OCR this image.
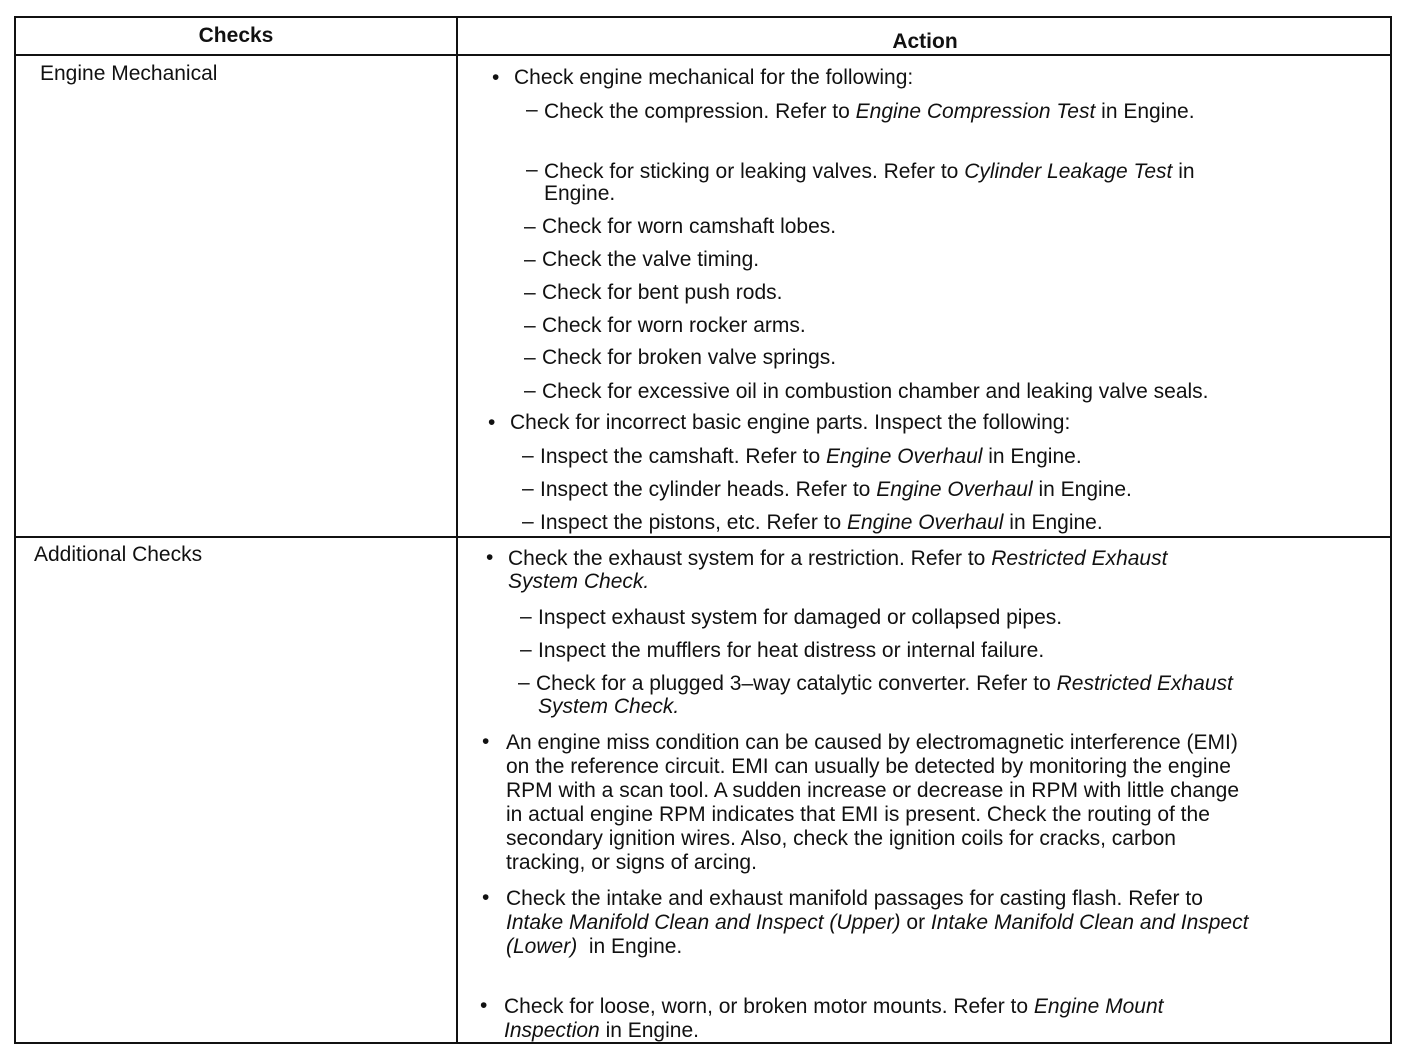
Checks	Action
Engine Mechanical	• Check engine mechanical for the following:
– Check the compression. Refer to Engine Compression Test in Engine.
– Check for sticking or leaking valves. Refer to Cylinder Leakage Test in
Engine.
– Check for worn camshaft lobes.
– Check the valve timing.
– Check for bent push rods.
– Check for worn rocker arms.
– Check for broken valve springs.
– Check for excessive oil in combustion chamber and leaking valve seals.
• Check for incorrect basic engine parts. Inspect the following:
– Inspect the camshaft. Refer to Engine Overhaul in Engine.
– Inspect the cylinder heads. Refer to Engine Overhaul in Engine.
– Inspect the pistons, etc. Refer to Engine Overhaul in Engine.
Additional Checks	• Check the exhaust system for a restriction. Refer to Restricted Exhaust
System Check.
– Inspect exhaust system for damaged or collapsed pipes.
– Inspect the mufflers for heat distress or internal failure.
– Check for a plugged 3–way catalytic converter. Refer to Restricted Exhaust
System Check.
• An engine miss condition can be caused by electromagnetic interference (EMI)
on the reference circuit. EMI can usually be detected by monitoring the engine
RPM with a scan tool. A sudden increase or decrease in RPM with little change
in actual engine RPM indicates that EMI is present. Check the routing of the
secondary ignition wires. Also, check the ignition coils for cracks, carbon
tracking, or signs of arcing.
• Check the intake and exhaust manifold passages for casting flash. Refer to
Intake Manifold Clean and Inspect (Upper) or Intake Manifold Clean and Inspect
(Lower)  in Engine.
• Check for loose, worn, or broken motor mounts. Refer to Engine Mount
Inspection in Engine.
